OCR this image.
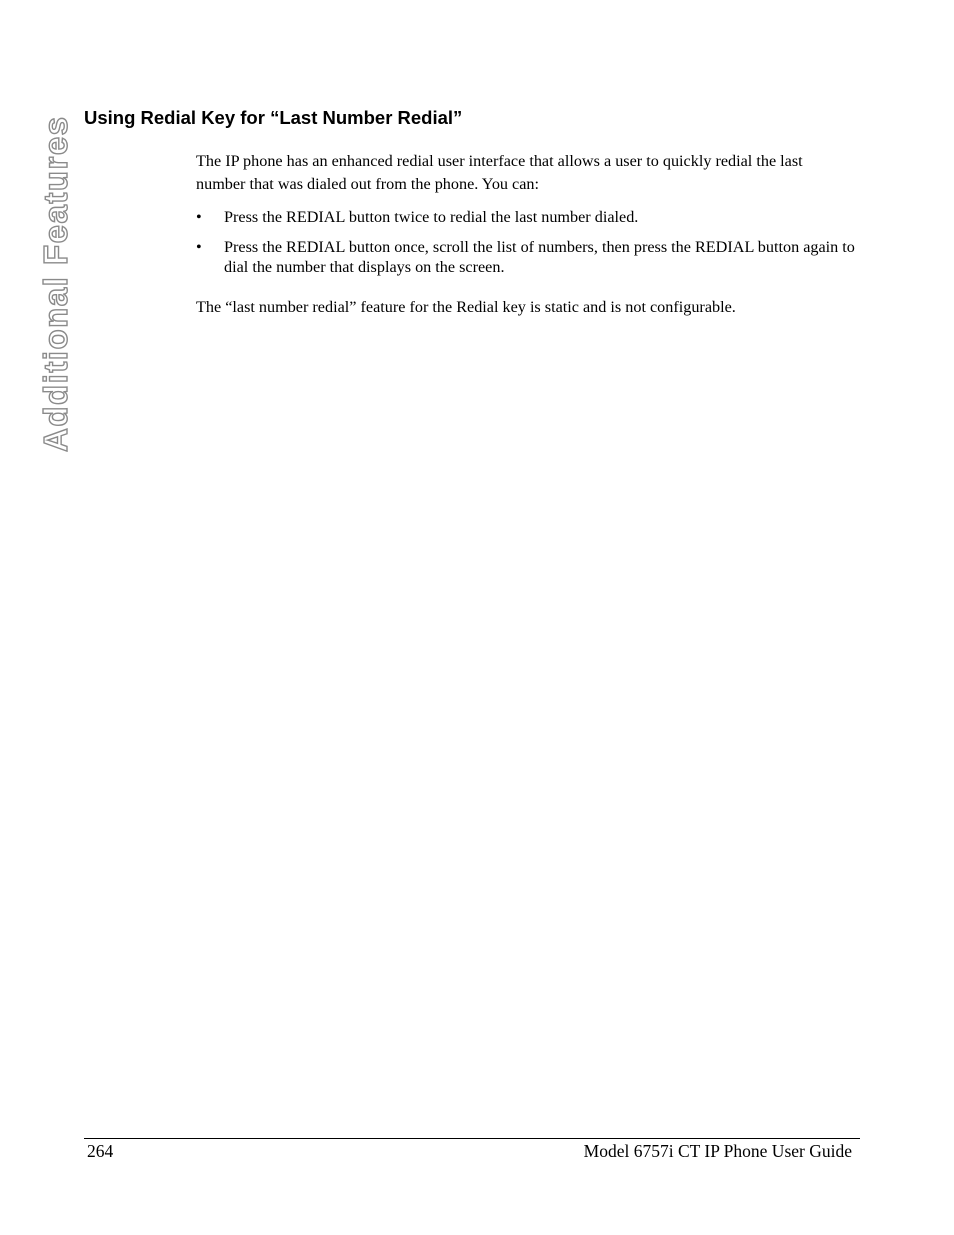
Additional Features Using Redial Key for “Last Number Redial”

The IP phone has an enhanced redial user interface that allows a user to quickly redial the last number that was dialed out from the phone. You can:

• Press the REDIAL button twice to redial the last number dialed.
• Press the REDIAL button once, scroll the list of numbers, then press the REDIAL button again to dial the number that displays on the screen.

The “last number redial” feature for the Redial key is static and is not configurable.

264	Model 6757i CT IP Phone User Guide
